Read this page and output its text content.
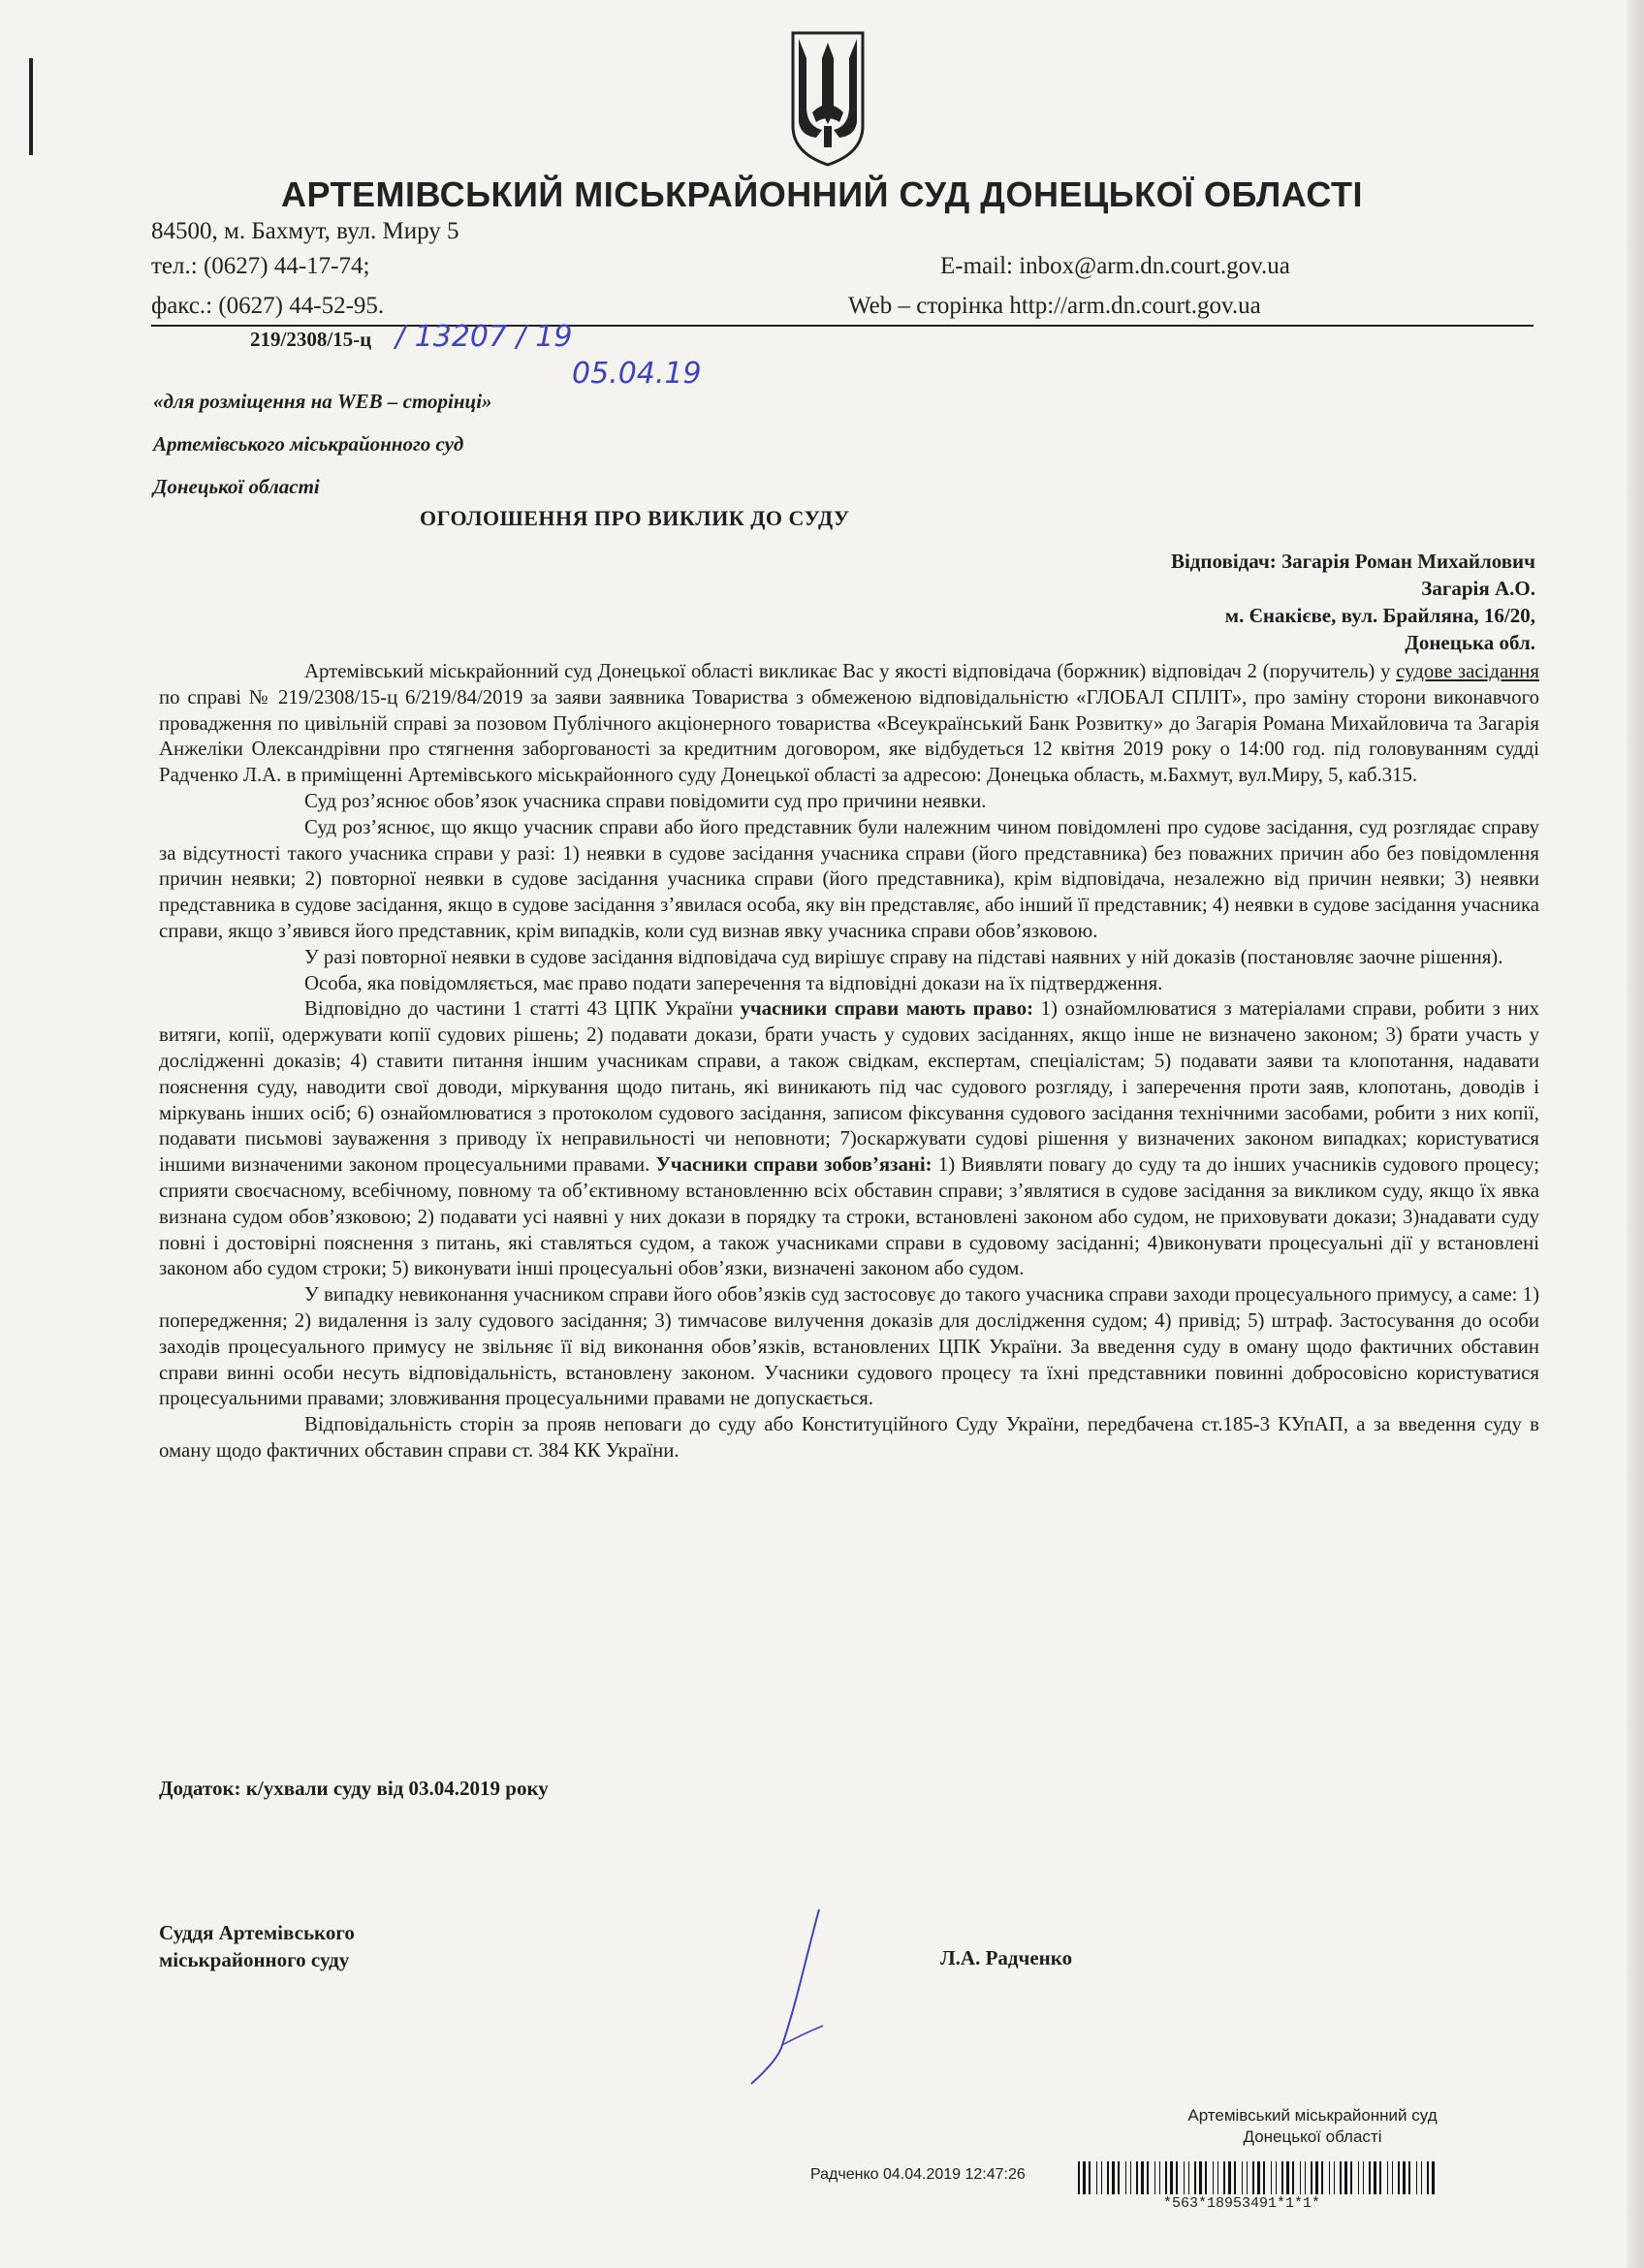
АРТЕМІВСЬКИЙ МІСЬКРАЙОННИЙ СУД ДОНЕЦЬКОЇ ОБЛАСТІ
84500, м. Бахмут, вул. Миру 5
тел.: (0627) 44-17-74;	E-mail: inbox@arm.dn.court.gov.ua
факс.: (0627) 44-52-95.	Web – сторінка http://arm.dn.court.gov.ua
219/2308/15-ц / 13207 / 19
05.04.19
«для розміщення на WEB – сторінці»
Артемівського міськрайонного суд
Донецької області
ОГОЛОШЕННЯ ПРО ВИКЛИК ДО СУДУ
Відповідач: Загарія Роман Михайлович
Загарія А.О.
м. Єнакієве, вул. Брайляна, 16/20,
Донецька обл.

Артемівський міськрайонний суд Донецької області викликає Вас у якості відповідача (боржник) відповідач 2 (поручитель) у судове засідання по справі № 219/2308/15-ц 6/219/84/2019 за заяви заявника Товариства з обмеженою відповідальністю «ГЛОБАЛ СПЛІТ», про заміну сторони виконавчого провадження по цивільній справі за позовом Публічного акціонерного товариства «Всеукраїнський Банк Розвитку» до Загарія Романа Михайловича та Загарія Анжеліки Олександрівни про стягнення заборгованості за кредитним договором, яке відбудеться 12 квітня 2019 року о 14:00 год. під головуванням судді Радченко Л.А. в приміщенні Артемівського міськрайонного суду Донецької області за адресою: Донецька область, м.Бахмут, вул.Миру, 5, каб.315.

Суд роз’яснює обов’язок учасника справи повідомити суд про причини неявки.

Суд роз’яснює, що якщо учасник справи або його представник були належним чином повідомлені про судове засідання, суд розглядає справу за відсутності такого учасника справи у разі: 1) неявки в судове засідання учасника справи (його представника) без поважних причин або без повідомлення причин неявки; 2) повторної неявки в судове засідання учасника справи (його представника), крім відповідача, незалежно від причин неявки; 3) неявки представника в судове засідання, якщо в судове засідання з’явилася особа, яку він представляє, або інший її представник; 4) неявки в судове засідання учасника справи, якщо з’явився його представник, крім випадків, коли суд визнав явку учасника справи обов’язковою.

У разі повторної неявки в судове засідання відповідача суд вирішує справу на підставі наявних у ній доказів (постановляє заочне рішення).

Особа, яка повідомляється, має право подати заперечення та відповідні докази на їх підтвердження.

Відповідно до частини 1 статті 43 ЦПК України учасники справи мають право: 1) ознайомлюватися з матеріалами справи, робити з них витяги, копії, одержувати копії судових рішень; 2) подавати докази, брати участь у судових засіданнях, якщо інше не визначено законом; 3) брати участь у дослідженні доказів; 4) ставити питання іншим учасникам справи, а також свідкам, експертам, спеціалістам; 5) подавати заяви та клопотання, надавати пояснення суду, наводити свої доводи, міркування щодо питань, які виникають під час судового розгляду, і заперечення проти заяв, клопотань, доводів і міркувань інших осіб; 6) ознайомлюватися з протоколом судового засідання, записом фіксування судового засідання технічними засобами, робити з них копії, подавати письмові зауваження з приводу їх неправильності чи неповноти; 7)оскаржувати судові рішення у визначених законом випадках; користуватися іншими визначеними законом процесуальними правами. Учасники справи зобов’язані: 1) Виявляти повагу до суду та до інших учасників судового процесу; сприяти своєчасному, всебічному, повному та об’єктивному встановленню всіх обставин справи; з’являтися в судове засідання за викликом суду, якщо їх явка визнана судом обов’язковою; 2) подавати усі наявні у них докази в порядку та строки, встановлені законом або судом, не приховувати докази; 3)надавати суду повні і достовірні пояснення з питань, які ставляться судом, а також учасниками справи в судовому засіданні; 4)виконувати процесуальні дії у встановлені законом або судом строки; 5) виконувати інші процесуальні обов’язки, визначені законом або судом.

У випадку невиконання учасником справи його обов’язків суд застосовує до такого учасника справи заходи процесуального примусу, а саме: 1) попередження; 2) видалення із залу судового засідання; 3) тимчасове вилучення доказів для дослідження судом; 4) привід; 5) штраф. Застосування до особи заходів процесуального примусу не звільняє її від виконання обов’язків, встановлених ЦПК України. За введення суду в оману щодо фактичних обставин справи винні особи несуть відповідальність, встановлену законом. Учасники судового процесу та їхні представники повинні добросовісно користуватися процесуальними правами; зловживання процесуальними правами не допускається.

Відповідальність сторін за прояв неповаги до суду або Конституційного Суду України, передбачена ст.185-3 КУпАП, а за введення суду в оману щодо фактичних обставин справи ст. 384 КК України.

Додаток: к/ухвали суду від 03.04.2019 року
Суддя Артемівського
міськрайонного суду	Л.А. Радченко
Артемівський міськрайонний суд
Донецької області
Радченко 04.04.2019 12:47:26
*563*18953491*1*1*
